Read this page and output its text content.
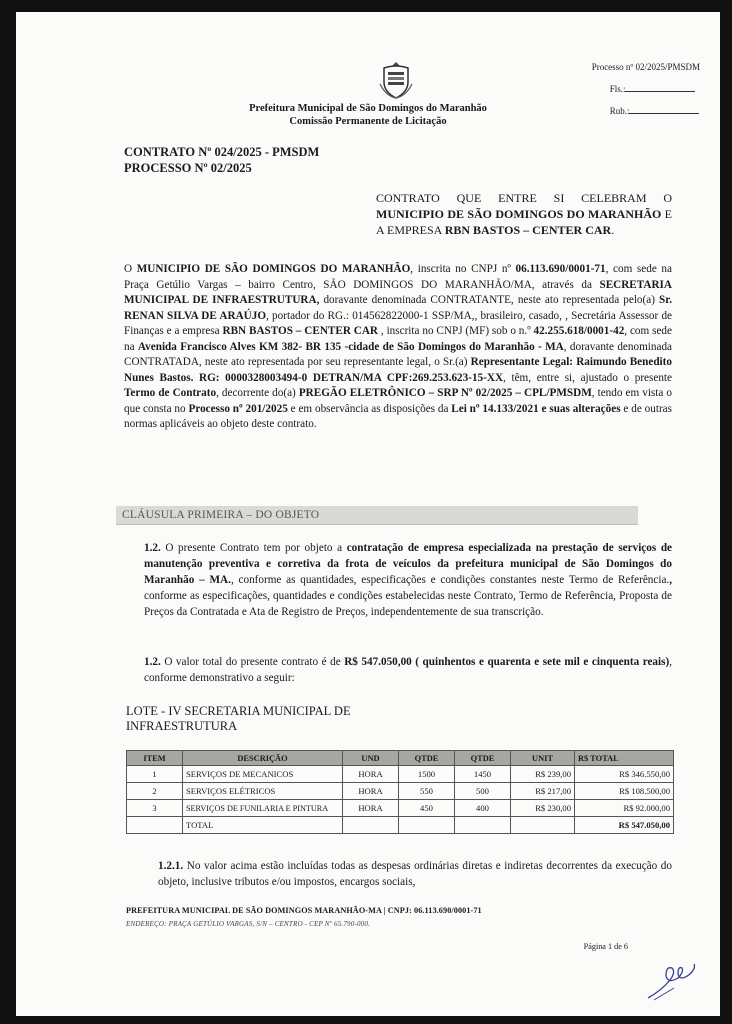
Processo nº 02/2025/PMSDM
Fls.:
Rub.:
Prefeitura Municipal de São Domingos do Maranhão
Comissão Permanente de Licitação
CONTRATO Nº 024/2025 - PMSDM
PROCESSO Nº 02/2025
CONTRATO QUE ENTRE SI CELEBRAM O MUNICIPIO DE SÃO DOMINGOS DO MARANHÃO E A EMPRESA RBN BASTOS – CENTER CAR.
O MUNICIPIO DE SÃO DOMINGOS DO MARANHÃO, inscrita no CNPJ nº 06.113.690/0001-71, com sede na Praça Getúlio Vargas – bairro Centro, SÃO DOMINGOS DO MARANHÃO/MA, através da SECRETARIA MUNICIPAL DE INFRAESTRUTURA, doravante denominada CONTRATANTE, neste ato representada pelo(a) Sr. RENAN SILVA DE ARAÚJO, portador do RG.: 014562822000-1 SSP/MA,, brasileiro, casado, , Secretária Assessor de Finanças e a empresa RBN BASTOS – CENTER CAR , inscrita no CNPJ (MF) sob o n.º 42.255.618/0001-42, com sede na Avenida Francisco Alves KM 382- BR 135 -cidade de São Domingos do Maranhão - MA, doravante denominada CONTRATADA, neste ato representada por seu representante legal, o Sr.(a) Representante Legal: Raimundo Benedito Nunes Bastos. RG: 0000328003494-0 DETRAN/MA CPF:269.253.623-15-XX, têm, entre si, ajustado o presente Termo de Contrato, decorrente do(a) PREGÃO ELETRÔNICO – SRP Nº 02/2025 – CPL/PMSDM, tendo em vista o que consta no Processo nº 201/2025 e em observância as disposições da Lei nº 14.133/2021 e suas alterações e de outras normas aplicáveis ao objeto deste contrato.
CLÁUSULA PRIMEIRA – DO OBJETO
1.2. O presente Contrato tem por objeto a contratação de empresa especializada na prestação de serviços de manutenção preventiva e corretiva da frota de veículos da prefeitura municipal de São Domingos do Maranhão – MA., conforme as quantidades, especificações e condições constantes neste Termo de Referência., conforme as especificações, quantidades e condições estabelecidas neste Contrato, Termo de Referência, Proposta de Preços da Contratada e Ata de Registro de Preços, independentemente de sua transcrição.
1.2. O valor total do presente contrato é de R$ 547.050,00 ( quinhentos e quarenta e sete mil e cinquenta reais), conforme demonstrativo a seguir:
LOTE - IV SECRETARIA MUNICIPAL DE INFRAESTRUTURA
ITEM	DESCRIÇÃO	UND	QTDE	QTDE	UNIT	R$ TOTAL
1	SERVIÇOS DE MECANICOS	HORA	1500	1450	R$ 239,00	R$ 346.550,00
2	SERVIÇOS ELÉTRICOS	HORA	550	500	R$ 217,00	R$ 108.500,00
3	SERVIÇOS DE FUNILARIA E PINTURA	HORA	450	400	R$ 230,00	R$ 92.000,00
	TOTAL					R$ 547.050,00
1.2.1. No valor acima estão incluídas todas as despesas ordinárias diretas e indiretas decorrentes da execução do objeto, inclusive tributos e/ou impostos, encargos sociais,
PREFEITURA MUNICIPAL DE SÃO DOMINGOS MARANHÃO-MA | CNPJ: 06.113.690/0001-71
ENDEREÇO: PRAÇA GETÚLIO VARGAS, S/N – CENTRO - CEP Nº 65.790-000.
Página 1 de 6
